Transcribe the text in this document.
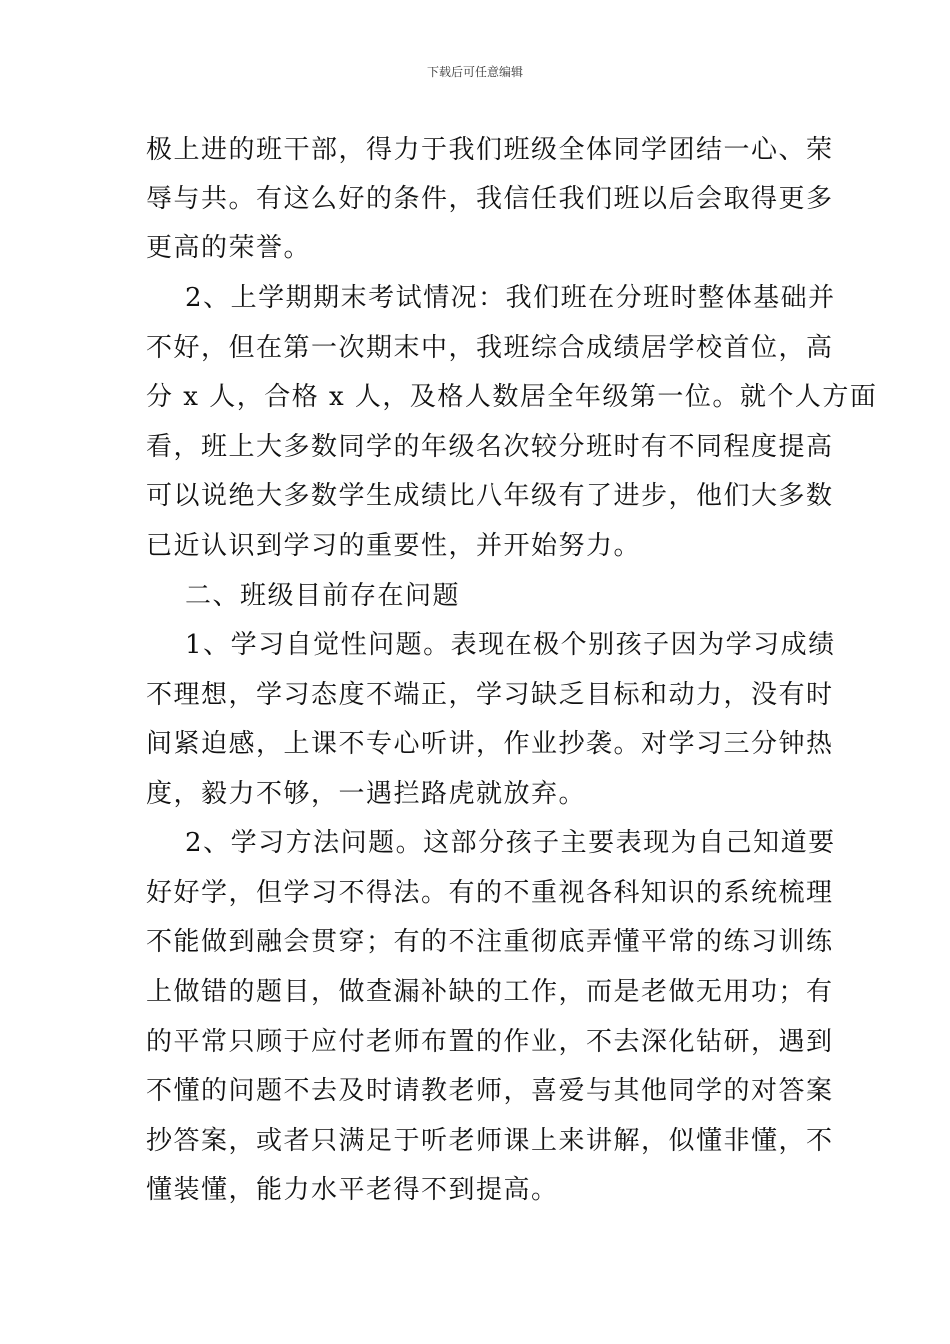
下载后可任意编辑
极上进的班干部，得力于我们班级全体同学团结一心、荣
辱与共。有这么好的条件，我信任我们班以后会取得更多
更高的荣誉。
2、上学期期末考试情况：我们班在分班时整体基础并
不好，但在第一次期末中，我班综合成绩居学校首位，高
分 x 人，合格 x 人，及格人数居全年级第一位。就个人方面
看，班上大多数同学的年级名次较分班时有不同程度提高
可以说绝大多数学生成绩比八年级有了进步，他们大多数
已近认识到学习的重要性，并开始努力。
二、班级目前存在问题
1、学习自觉性问题。表现在极个别孩子因为学习成绩
不理想，学习态度不端正，学习缺乏目标和动力，没有时
间紧迫感，上课不专心听讲，作业抄袭。对学习三分钟热
度，毅力不够，一遇拦路虎就放弃。
2、学习方法问题。这部分孩子主要表现为自己知道要
好好学，但学习不得法。有的不重视各科知识的系统梳理
不能做到融会贯穿；有的不注重彻底弄懂平常的练习训练
上做错的题目，做查漏补缺的工作，而是老做无用功；有
的平常只顾于应付老师布置的作业，不去深化钻研，遇到
不懂的问题不去及时请教老师，喜爱与其他同学的对答案
抄答案，或者只满足于听老师课上来讲解，似懂非懂，不
懂装懂，能力水平老得不到提高。
